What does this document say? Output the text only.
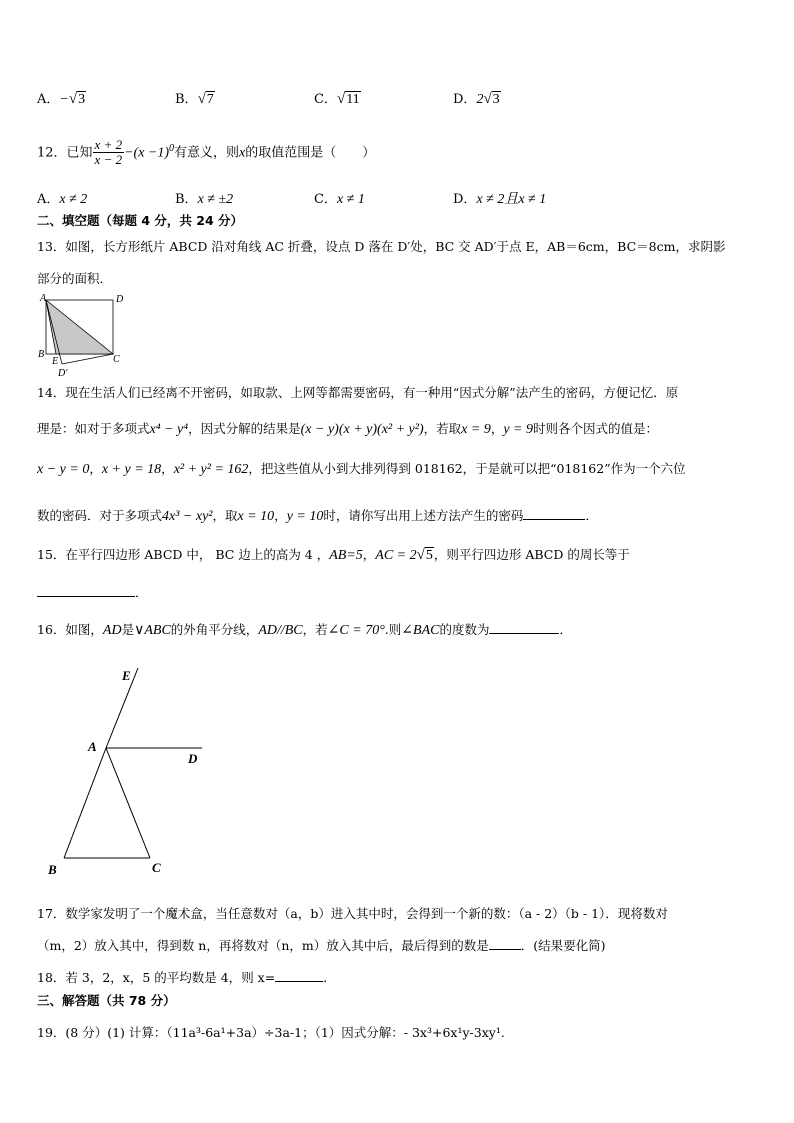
A．−√3	B．√7	C．√11	D．2√3
12．已知 $\frac{x + 2}{x - 2} -(x -1)^0$有意义，则x的取值范围是（　　）
A．x ≠ 2	B．x ≠ ±2	C．x ≠ 1	D．x ≠ 2且x ≠ 1
二、填空题（每题 4 分，共 24 分）
13．如图，长方形纸片 ABCD 沿对角线 AC 折叠，设点 D 落在 D′处，BC 交 AD′于点 E，AB＝6cm，BC＝8cm，求阴影
部分的面积．
A	D
B
E	C
D′
14．现在生活人们已经离不开密码，如取款、上网等都需要密码，有一种用“因式分解”法产生的密码，方便记忆．原
理是：如对于多项式x⁴ − y⁴，因式分解的结果是(x − y)(x + y)(x² + y²)，若取x = 9，y = 9时则各个因式的值是：
x − y = 0，x + y = 18，x² + y² = 162，把这些值从小到大排列得到 018162，于是就可以把“018162”作为一个六位
数的密码．对于多项式4x³ − xy²，取x = 10，y = 10时，请你写出用上述方法产生的密码	．
15．在平行四边形 ABCD 中， BC 边上的高为 4 ，AB=5，AC = 2√5，则平行四边形 ABCD 的周长等于
．
16．如图，AD是∨ABC的外角平分线，AD//BC，若∠C = 70°.则∠BAC的度数为	．
E
A
D
B	C
17．数学家发明了一个魔术盒，当任意数对（a，b）进入其中时，会得到一个新的数：（a - 2）（b - 1）．现将数对
（m，2）放入其中，得到数 n，再将数对（n，m）放入其中后，最后得到的数是	．(结果要化简)
18．若 3，2，x，5 的平均数是 4，则 x=	．
三、解答题（共 78 分）
19．(8 分）(1) 计算：（11a³-6a¹+3a）÷3a-1；（1）因式分解：- 3x³+6x¹y-3xy¹.
